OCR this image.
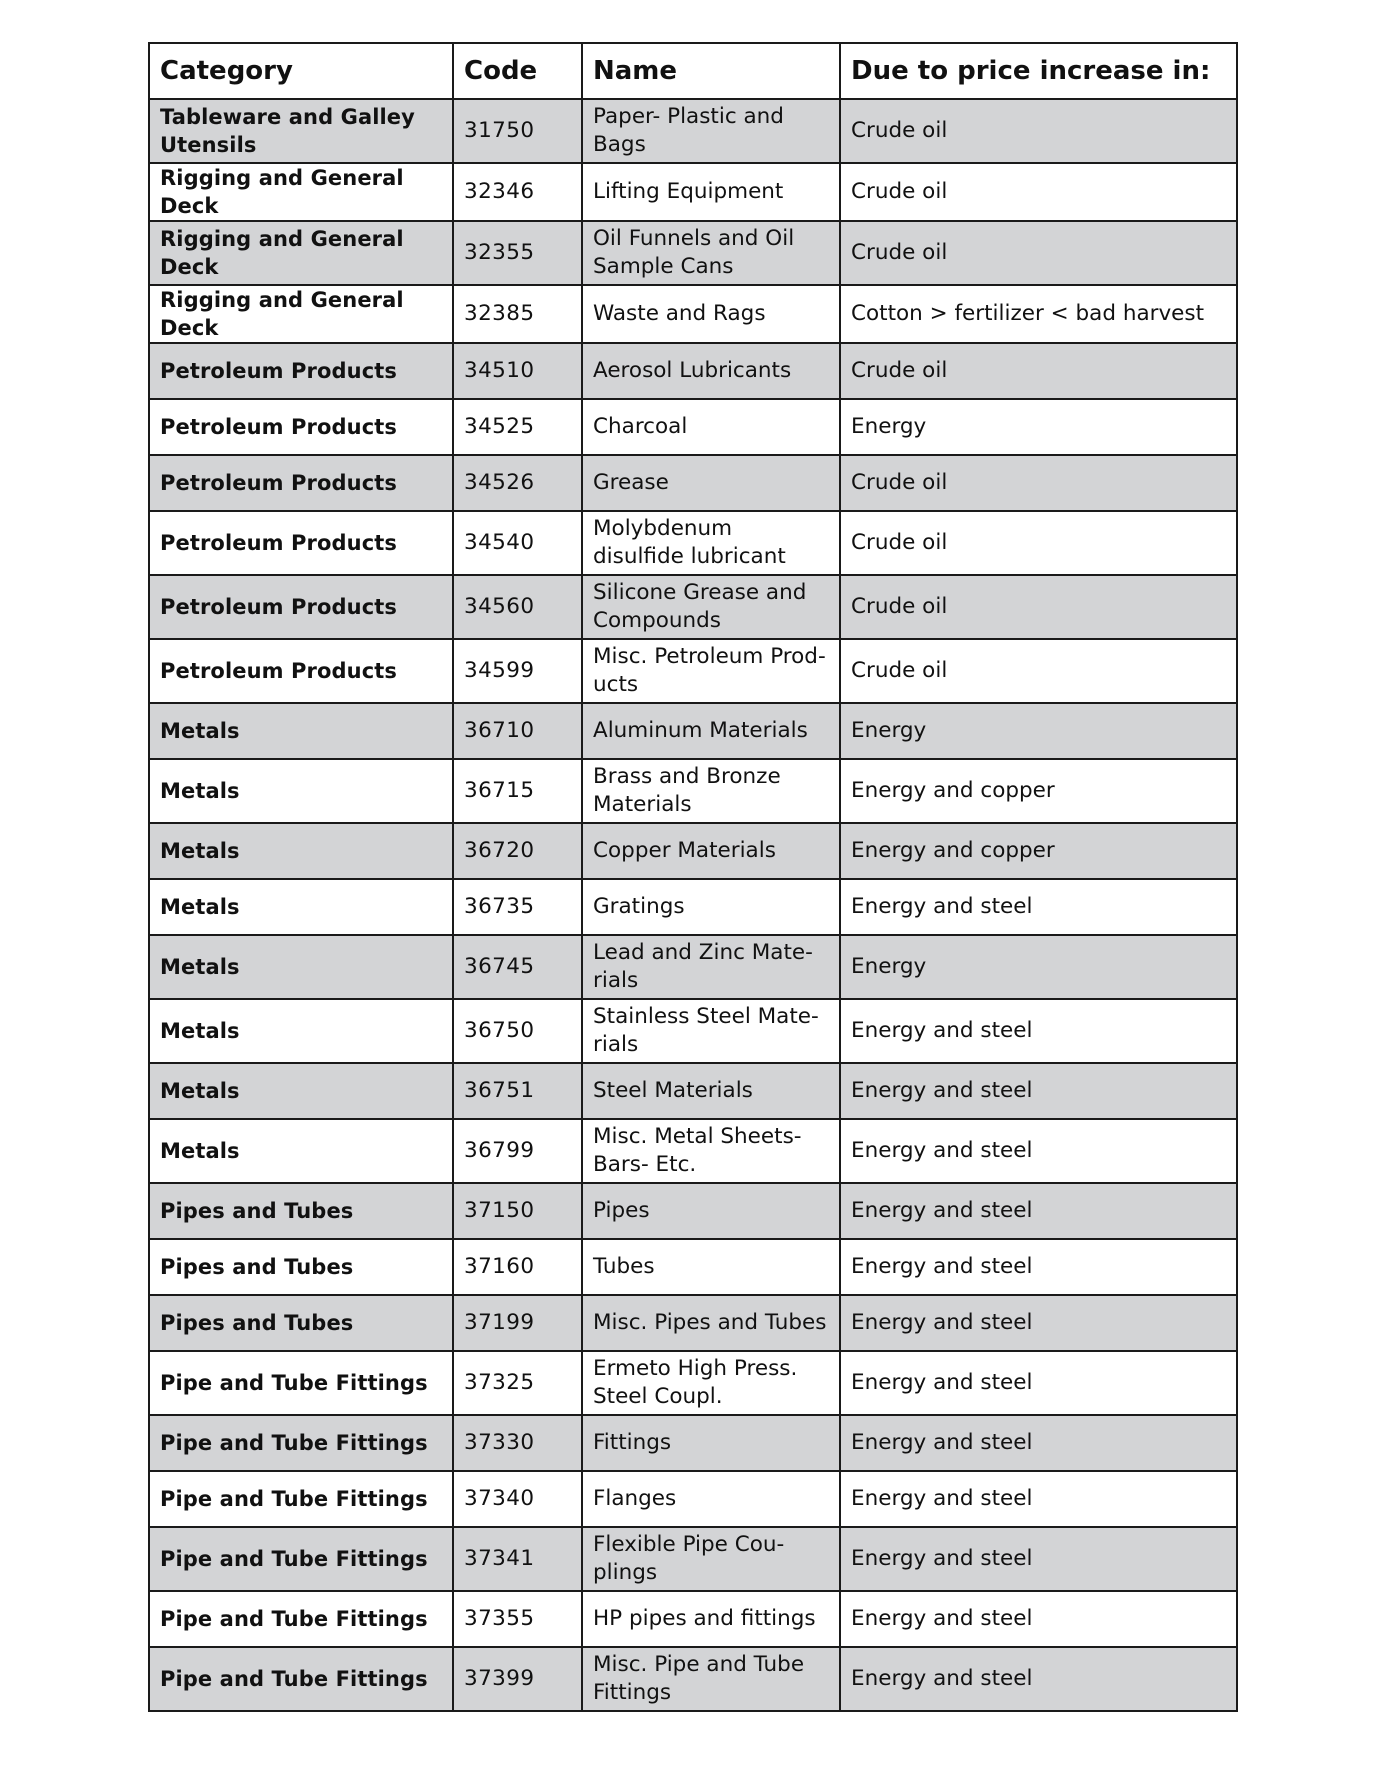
Category	Code	Name	Due to price increase in:
Tableware and Galley Utensils	31750	Paper- Plastic and Bags	Crude oil
Rigging and General Deck	32346	Lifting Equipment	Crude oil
Rigging and General Deck	32355	Oil Funnels and Oil Sample Cans	Crude oil
Rigging and General Deck	32385	Waste and Rags	Cotton > fertilizer < bad harvest
Petroleum Products	34510	Aerosol Lubricants	Crude oil
Petroleum Products	34525	Charcoal	Energy
Petroleum Products	34526	Grease	Crude oil
Petroleum Products	34540	Molybdenum disulfide lubricant	Crude oil
Petroleum Products	34560	Silicone Grease and Compounds	Crude oil
Petroleum Products	34599	Misc. Petroleum Prod-ucts	Crude oil
Metals	36710	Aluminum Materials	Energy
Metals	36715	Brass and Bronze Materials	Energy and copper
Metals	36720	Copper Materials	Energy and copper
Metals	36735	Gratings	Energy and steel
Metals	36745	Lead and Zinc Mate-rials	Energy
Metals	36750	Stainless Steel Mate-rials	Energy and steel
Metals	36751	Steel Materials	Energy and steel
Metals	36799	Misc. Metal Sheets- Bars- Etc.	Energy and steel
Pipes and Tubes	37150	Pipes	Energy and steel
Pipes and Tubes	37160	Tubes	Energy and steel
Pipes and Tubes	37199	Misc. Pipes and Tubes	Energy and steel
Pipe and Tube Fittings	37325	Ermeto High Press. Steel Coupl.	Energy and steel
Pipe and Tube Fittings	37330	Fittings	Energy and steel
Pipe and Tube Fittings	37340	Flanges	Energy and steel
Pipe and Tube Fittings	37341	Flexible Pipe Cou-plings	Energy and steel
Pipe and Tube Fittings	37355	HP pipes and fittings	Energy and steel
Pipe and Tube Fittings	37399	Misc. Pipe and Tube Fittings	Energy and steel
